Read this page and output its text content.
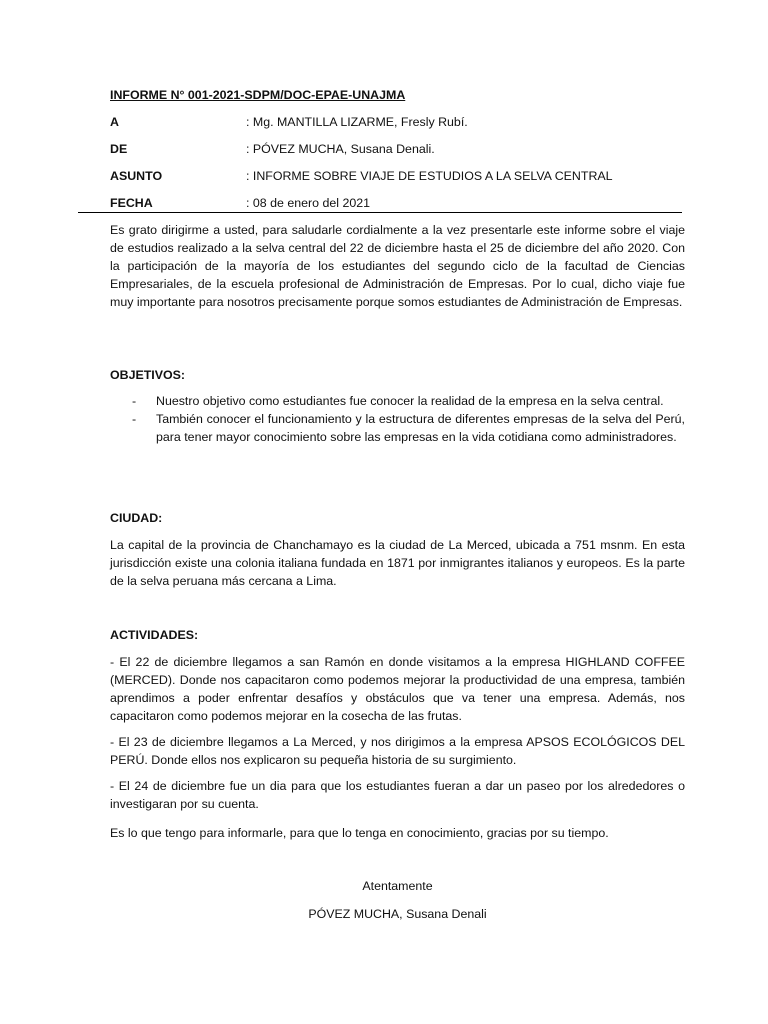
INFORME N° 001-2021-SDPM/DOC-EPAE-UNAJMA
A	: Mg. MANTILLA LIZARME, Fresly Rubí.
DE	: PÓVEZ MUCHA, Susana Denali.
ASUNTO	: INFORME SOBRE VIAJE DE ESTUDIOS A LA SELVA CENTRAL
FECHA	: 08 de enero del 2021
Es grato dirigirme a usted, para saludarle cordialmente a la vez presentarle este informe sobre el viaje de estudios realizado a la selva central del 22 de diciembre hasta el 25 de diciembre del año 2020. Con la participación de la mayoría de los estudiantes del segundo ciclo de la facultad de Ciencias Empresariales, de la escuela profesional de Administración de Empresas. Por lo cual, dicho viaje fue muy importante para nosotros precisamente porque somos estudiantes de Administración de Empresas.
OBJETIVOS:
- Nuestro objetivo como estudiantes fue conocer la realidad de la empresa en la selva central.
- También conocer el funcionamiento y la estructura de diferentes empresas de la selva del Perú, para tener mayor conocimiento sobre las empresas en la vida cotidiana como administradores.
CIUDAD:
La capital de la provincia de Chanchamayo es la ciudad de La Merced, ubicada a 751 msnm. En esta jurisdicción existe una colonia italiana fundada en 1871 por inmigrantes italianos y europeos. Es la parte de la selva peruana más cercana a Lima.
ACTIVIDADES:
- El 22 de diciembre llegamos a san Ramón en donde visitamos a la empresa HIGHLAND COFFEE (MERCED). Donde nos capacitaron como podemos mejorar la productividad de una empresa, también aprendimos a poder enfrentar desafíos y obstáculos que va tener una empresa. Además, nos capacitaron como podemos mejorar en la cosecha de las frutas.
- El 23 de diciembre llegamos a La Merced, y nos dirigimos a la empresa APSOS ECOLÓGICOS DEL PERÚ. Donde ellos nos explicaron su pequeña historia de su surgimiento.
- El 24 de diciembre fue un dia para que los estudiantes fueran a dar un paseo por los alrededores o investigaran por su cuenta.
Es lo que tengo para informarle, para que lo tenga en conocimiento, gracias por su tiempo.
Atentamente
PÓVEZ MUCHA, Susana Denali
